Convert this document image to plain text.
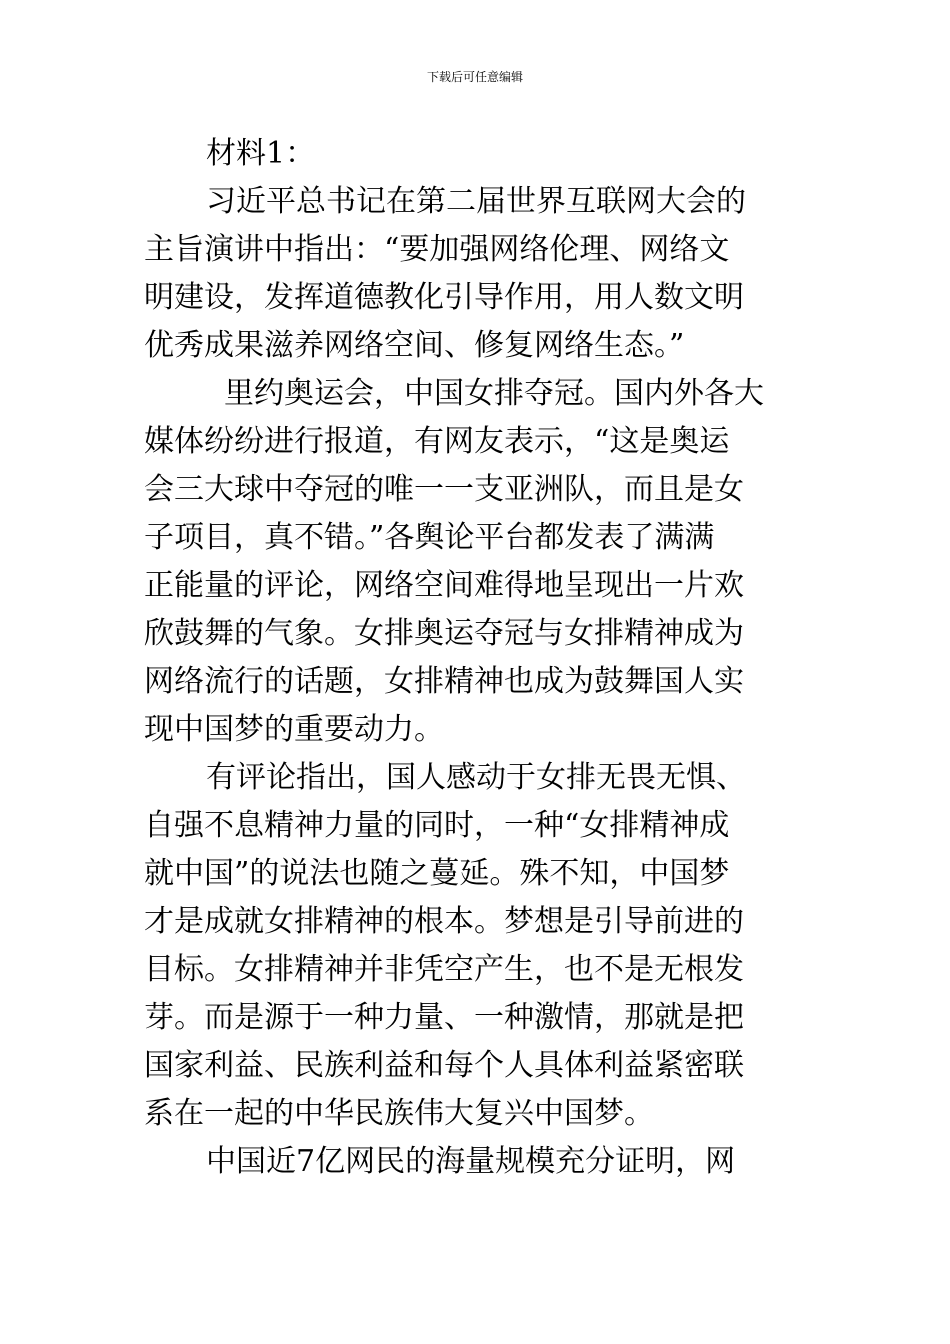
下载后可任意编辑
材料1：
习近平总书记在第二届世界互联网大会的
主旨演讲中指出：“要加强网络伦理、网络文
明建设，发挥道德教化引导作用，用人数文明
优秀成果滋养网络空间、修复网络生态。”
里约奥运会，中国女排夺冠。国内外各大
媒体纷纷进行报道，有网友表示，“这是奥运
会三大球中夺冠的唯一一支亚洲队，而且是女
子项目，真不错。”各舆论平台都发表了满满
正能量的评论，网络空间难得地呈现出一片欢
欣鼓舞的气象。女排奥运夺冠与女排精神成为
网络流行的话题，女排精神也成为鼓舞国人实
现中国梦的重要动力。
有评论指出，国人感动于女排无畏无惧、
自强不息精神力量的同时，一种“女排精神成
就中国”的说法也随之蔓延。殊不知，中国梦
才是成就女排精神的根本。梦想是引导前进的
目标。女排精神并非凭空产生，也不是无根发
芽。而是源于一种力量、一种激情，那就是把
国家利益、民族利益和每个人具体利益紧密联
系在一起的中华民族伟大复兴中国梦。
中国近7亿网民的海量规模充分证明，网
